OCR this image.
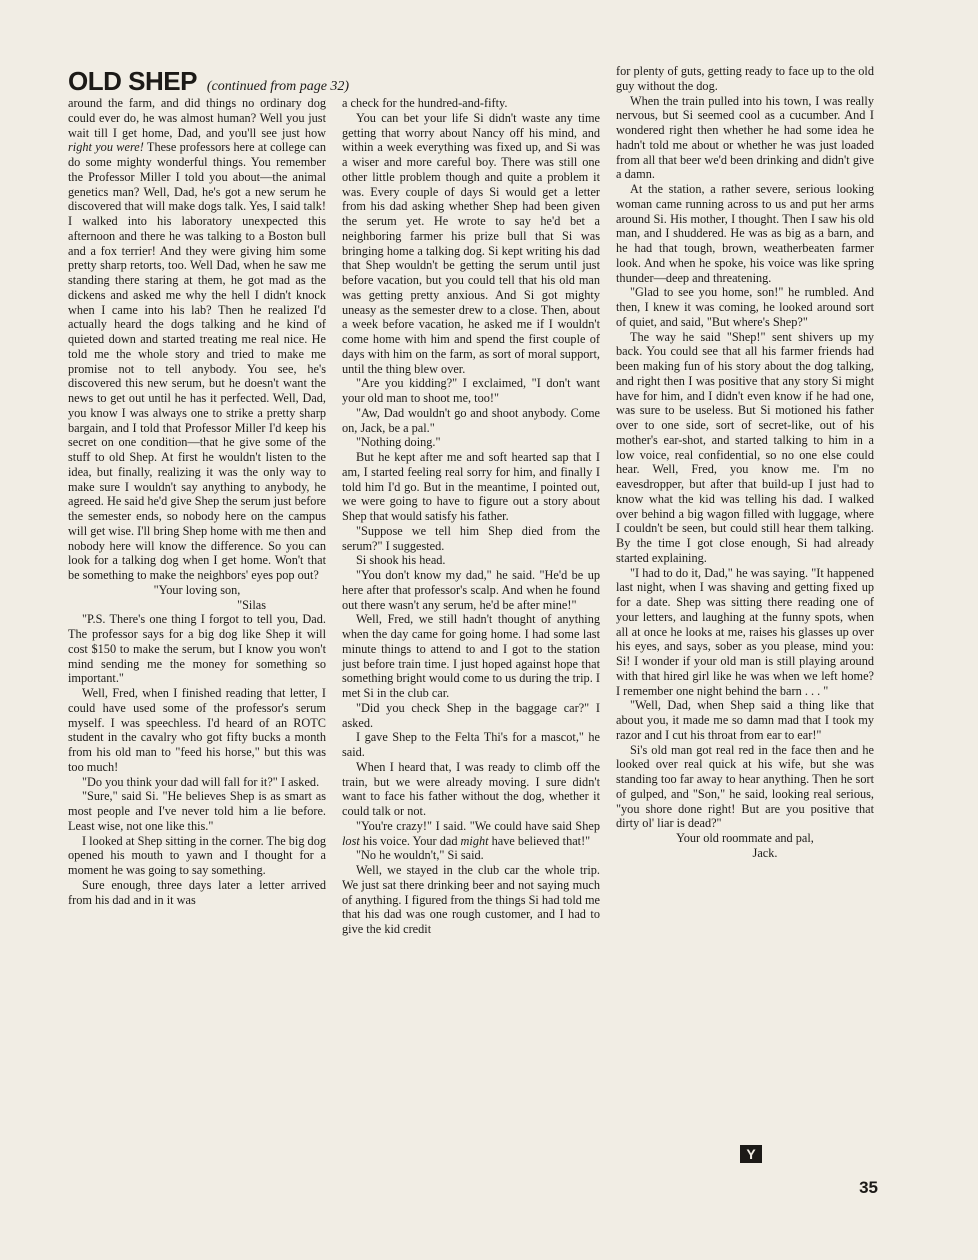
OLD SHEP (continued from page 32)

around the farm, and did things no ordinary dog could ever do, he was almost human? Well you just wait till I get home, Dad, and you'll see just how right you were! These professors here at college can do some mighty wonderful things. You remember the Professor Miller I told you about—the animal genetics man? Well, Dad, he's got a new serum he discovered that will make dogs talk. Yes, I said talk! I walked into his laboratory unexpected this afternoon and there he was talking to a Boston bull and a fox terrier! And they were giving him some pretty sharp retorts, too. Well Dad, when he saw me standing there staring at them, he got mad as the dickens and asked me why the hell I didn't knock when I came into his lab? Then he realized I'd actually heard the dogs talking and he kind of quieted down and started treating me real nice. He told me the whole story and tried to make me promise not to tell anybody. You see, he's discovered this new serum, but he doesn't want the news to get out until he has it perfected. Well, Dad, you know I was always one to strike a pretty sharp bargain, and I told that Professor Miller I'd keep his secret on one condition—that he give some of the stuff to old Shep. At first he wouldn't listen to the idea, but finally, realizing it was the only way to make sure I wouldn't say anything to anybody, he agreed. He said he'd give Shep the serum just before the semester ends, so nobody here on the campus will get wise. I'll bring Shep home with me then and nobody here will know the difference. So you can look for a talking dog when I get home. Won't that be something to make the neighbors' eyes pop out?

"Your loving son,

"Silas

"P.S. There's one thing I forgot to tell you, Dad. The professor says for a big dog like Shep it will cost $150 to make the serum, but I know you won't mind sending me the money for something so important."

Well, Fred, when I finished reading that letter, I could have used some of the professor's serum myself. I was speechless. I'd heard of an ROTC student in the cavalry who got fifty bucks a month from his old man to "feed his horse," but this was too much!

"Do you think your dad will fall for it?" I asked.

"Sure," said Si. "He believes Shep is as smart as most people and I've never told him a lie before. Least wise, not one like this."

I looked at Shep sitting in the corner. The big dog opened his mouth to yawn and I thought for a moment he was going to say something.

Sure enough, three days later a letter arrived from his dad and in it was

a check for the hundred-and-fifty.

You can bet your life Si didn't waste any time getting that worry about Nancy off his mind, and within a week everything was fixed up, and Si was a wiser and more careful boy. There was still one other little problem though and quite a problem it was. Every couple of days Si would get a letter from his dad asking whether Shep had been given the serum yet. He wrote to say he'd bet a neighboring farmer his prize bull that Si was bringing home a talking dog. Si kept writing his dad that Shep wouldn't be getting the serum until just before vacation, but you could tell that his old man was getting pretty anxious. And Si got mighty uneasy as the semester drew to a close. Then, about a week before vacation, he asked me if I wouldn't come home with him and spend the first couple of days with him on the farm, as sort of moral support, until the thing blew over.

"Are you kidding?" I exclaimed, "I don't want your old man to shoot me, too!"

"Aw, Dad wouldn't go and shoot anybody. Come on, Jack, be a pal."

"Nothing doing."

But he kept after me and soft hearted sap that I am, I started feeling real sorry for him, and finally I told him I'd go. But in the meantime, I pointed out, we were going to have to figure out a story about Shep that would satisfy his father.

"Suppose we tell him Shep died from the serum?" I suggested.

Si shook his head.

"You don't know my dad," he said. "He'd be up here after that professor's scalp. And when he found out there wasn't any serum, he'd be after mine!"

Well, Fred, we still hadn't thought of anything when the day came for going home. I had some last minute things to attend to and I got to the station just before train time. I just hoped against hope that something bright would come to us during the trip. I met Si in the club car.

"Did you check Shep in the baggage car?" I asked.

I gave Shep to the Felta Thi's for a mascot," he said.

When I heard that, I was ready to climb off the train, but we were already moving. I sure didn't want to face his father without the dog, whether it could talk or not.

"You're crazy!" I said. "We could have said Shep lost his voice. Your dad might have believed that!"

"No he wouldn't," Si said.

Well, we stayed in the club car the whole trip. We just sat there drinking beer and not saying much of anything. I figured from the things Si had told me that his dad was one rough customer, and I had to give the kid credit

for plenty of guts, getting ready to face up to the old guy without the dog.

When the train pulled into his town, I was really nervous, but Si seemed cool as a cucumber. And I wondered right then whether he had some idea he hadn't told me about or whether he was just loaded from all that beer we'd been drinking and didn't give a damn.

At the station, a rather severe, serious looking woman came running across to us and put her arms around Si. His mother, I thought. Then I saw his old man, and I shuddered. He was as big as a barn, and he had that tough, brown, weatherbeaten farmer look. And when he spoke, his voice was like spring thunder—deep and threatening.

"Glad to see you home, son!" he rumbled. And then, I knew it was coming, he looked around sort of quiet, and said, "But where's Shep?"

The way he said "Shep!" sent shivers up my back. You could see that all his farmer friends had been making fun of his story about the dog talking, and right then I was positive that any story Si might have for him, and I didn't even know if he had one, was sure to be useless. But Si motioned his father over to one side, sort of secret-like, out of his mother's ear-shot, and started talking to him in a low voice, real confidential, so no one else could hear. Well, Fred, you know me. I'm no eavesdropper, but after that build-up I just had to know what the kid was telling his dad. I walked over behind a big wagon filled with luggage, where I couldn't be seen, but could still hear them talking. By the time I got close enough, Si had already started explaining.

"I had to do it, Dad," he was saying. "It happened last night, when I was shaving and getting fixed up for a date. Shep was sitting there reading one of your letters, and laughing at the funny spots, when all at once he looks at me, raises his glasses up over his eyes, and says, sober as you please, mind you: Si! I wonder if your old man is still playing around with that hired girl like he was when we left home? I remember one night behind the barn . . . "

"Well, Dad, when Shep said a thing like that about you, it made me so damn mad that I took my razor and I cut his throat from ear to ear!"

Si's old man got real red in the face then and he looked over real quick at his wife, but she was standing too far away to hear anything. Then he sort of gulped, and "Son," he said, looking real serious, "you shore done right! But are you positive that dirty ol' liar is dead?"

Your old roommate and pal,

Jack.

Y
35
